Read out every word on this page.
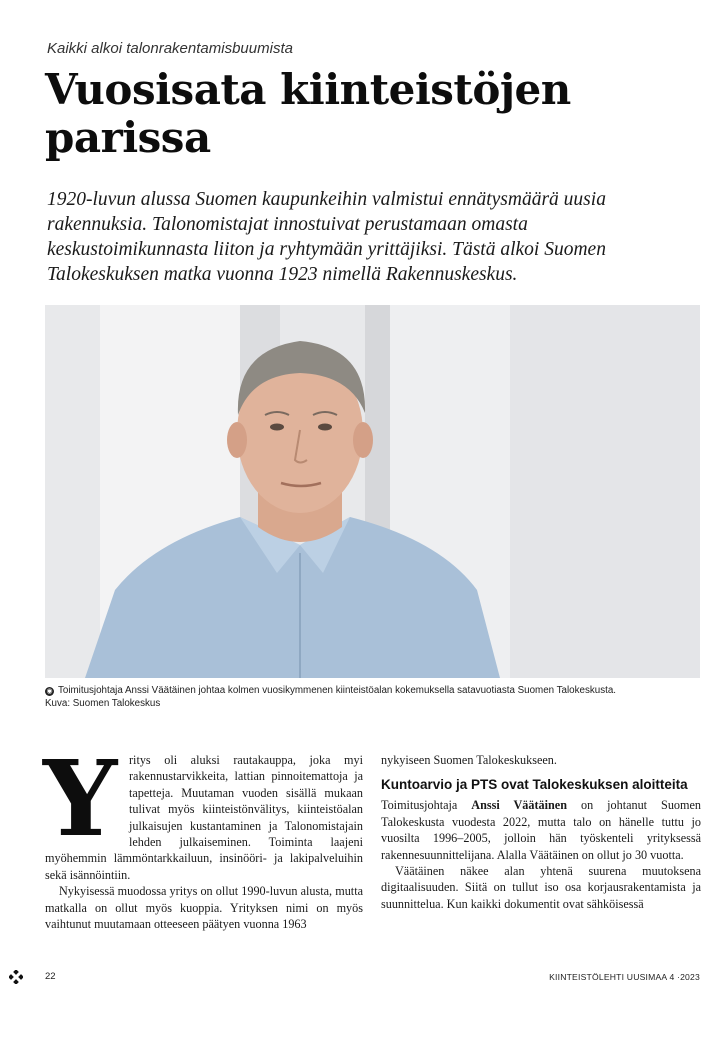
Kaikki alkoi talonrakentamisbuumista
Vuosisata kiinteistöjen parissa

1920-luvun alussa Suomen kaupunkeihin valmistui ennätysmäärä uusia rakennuksia. Talonomistajat innostuivat perustamaan omasta keskustoimikunnasta liiton ja ryhtymään yrittäjiksi. Tästä alkoi Suomen Talokeskuksen matka vuonna 1923 nimellä Rakennuskeskus.

◉ Toimitusjohtaja Anssi Väätäinen johtaa kolmen vuosikymmenen kiinteistöalan kokemuksella satavuotiasta Suomen Talokeskusta.
Kuva: Suomen Talokeskus
Y ritys oli aluksi rautakauppa, joka myi rakennustarvikkeita, lattian pinnoitemattoja ja tapetteja. Muutaman vuoden sisällä mukaan tulivat myös kiinteistönvälitys, kiinteistöalan julkaisujen kustantaminen ja Talonomistajain lehden julkaiseminen. Toiminta laajeni myöhemmin lämmöntarkkailuun, insinööri- ja lakipalveluihin sekä isännöintiin.

Nykyisessä muodossa yritys on ollut 1990-luvun alusta, mutta matkalla on ollut myös kuoppia. Yrityksen nimi on myös vaihtunut muutamaan otteeseen päätyen vuonna 1963

nykyiseen Suomen Talokeskukseen.

Kuntoarvio ja PTS ovat Talokeskuksen aloitteita

Toimitusjohtaja Anssi Väätäinen on johtanut Suomen Talokeskusta vuodesta 2022, mutta talo on hänelle tuttu jo vuosilta 1996–2005, jolloin hän työskenteli yrityksessä rakennesuunnittelijana. Alalla Väätäinen on ollut jo 30 vuotta.

Väätäinen näkee alan yhtenä suurena muutoksena digitaalisuuden. Siitä on tullut iso osa korjausrakentamista ja suunnittelua. Kun kaikki dokumentit ovat sähköisessä

22	KIINTEISTÖLEHTI UUSIMAA 4 ·2023
